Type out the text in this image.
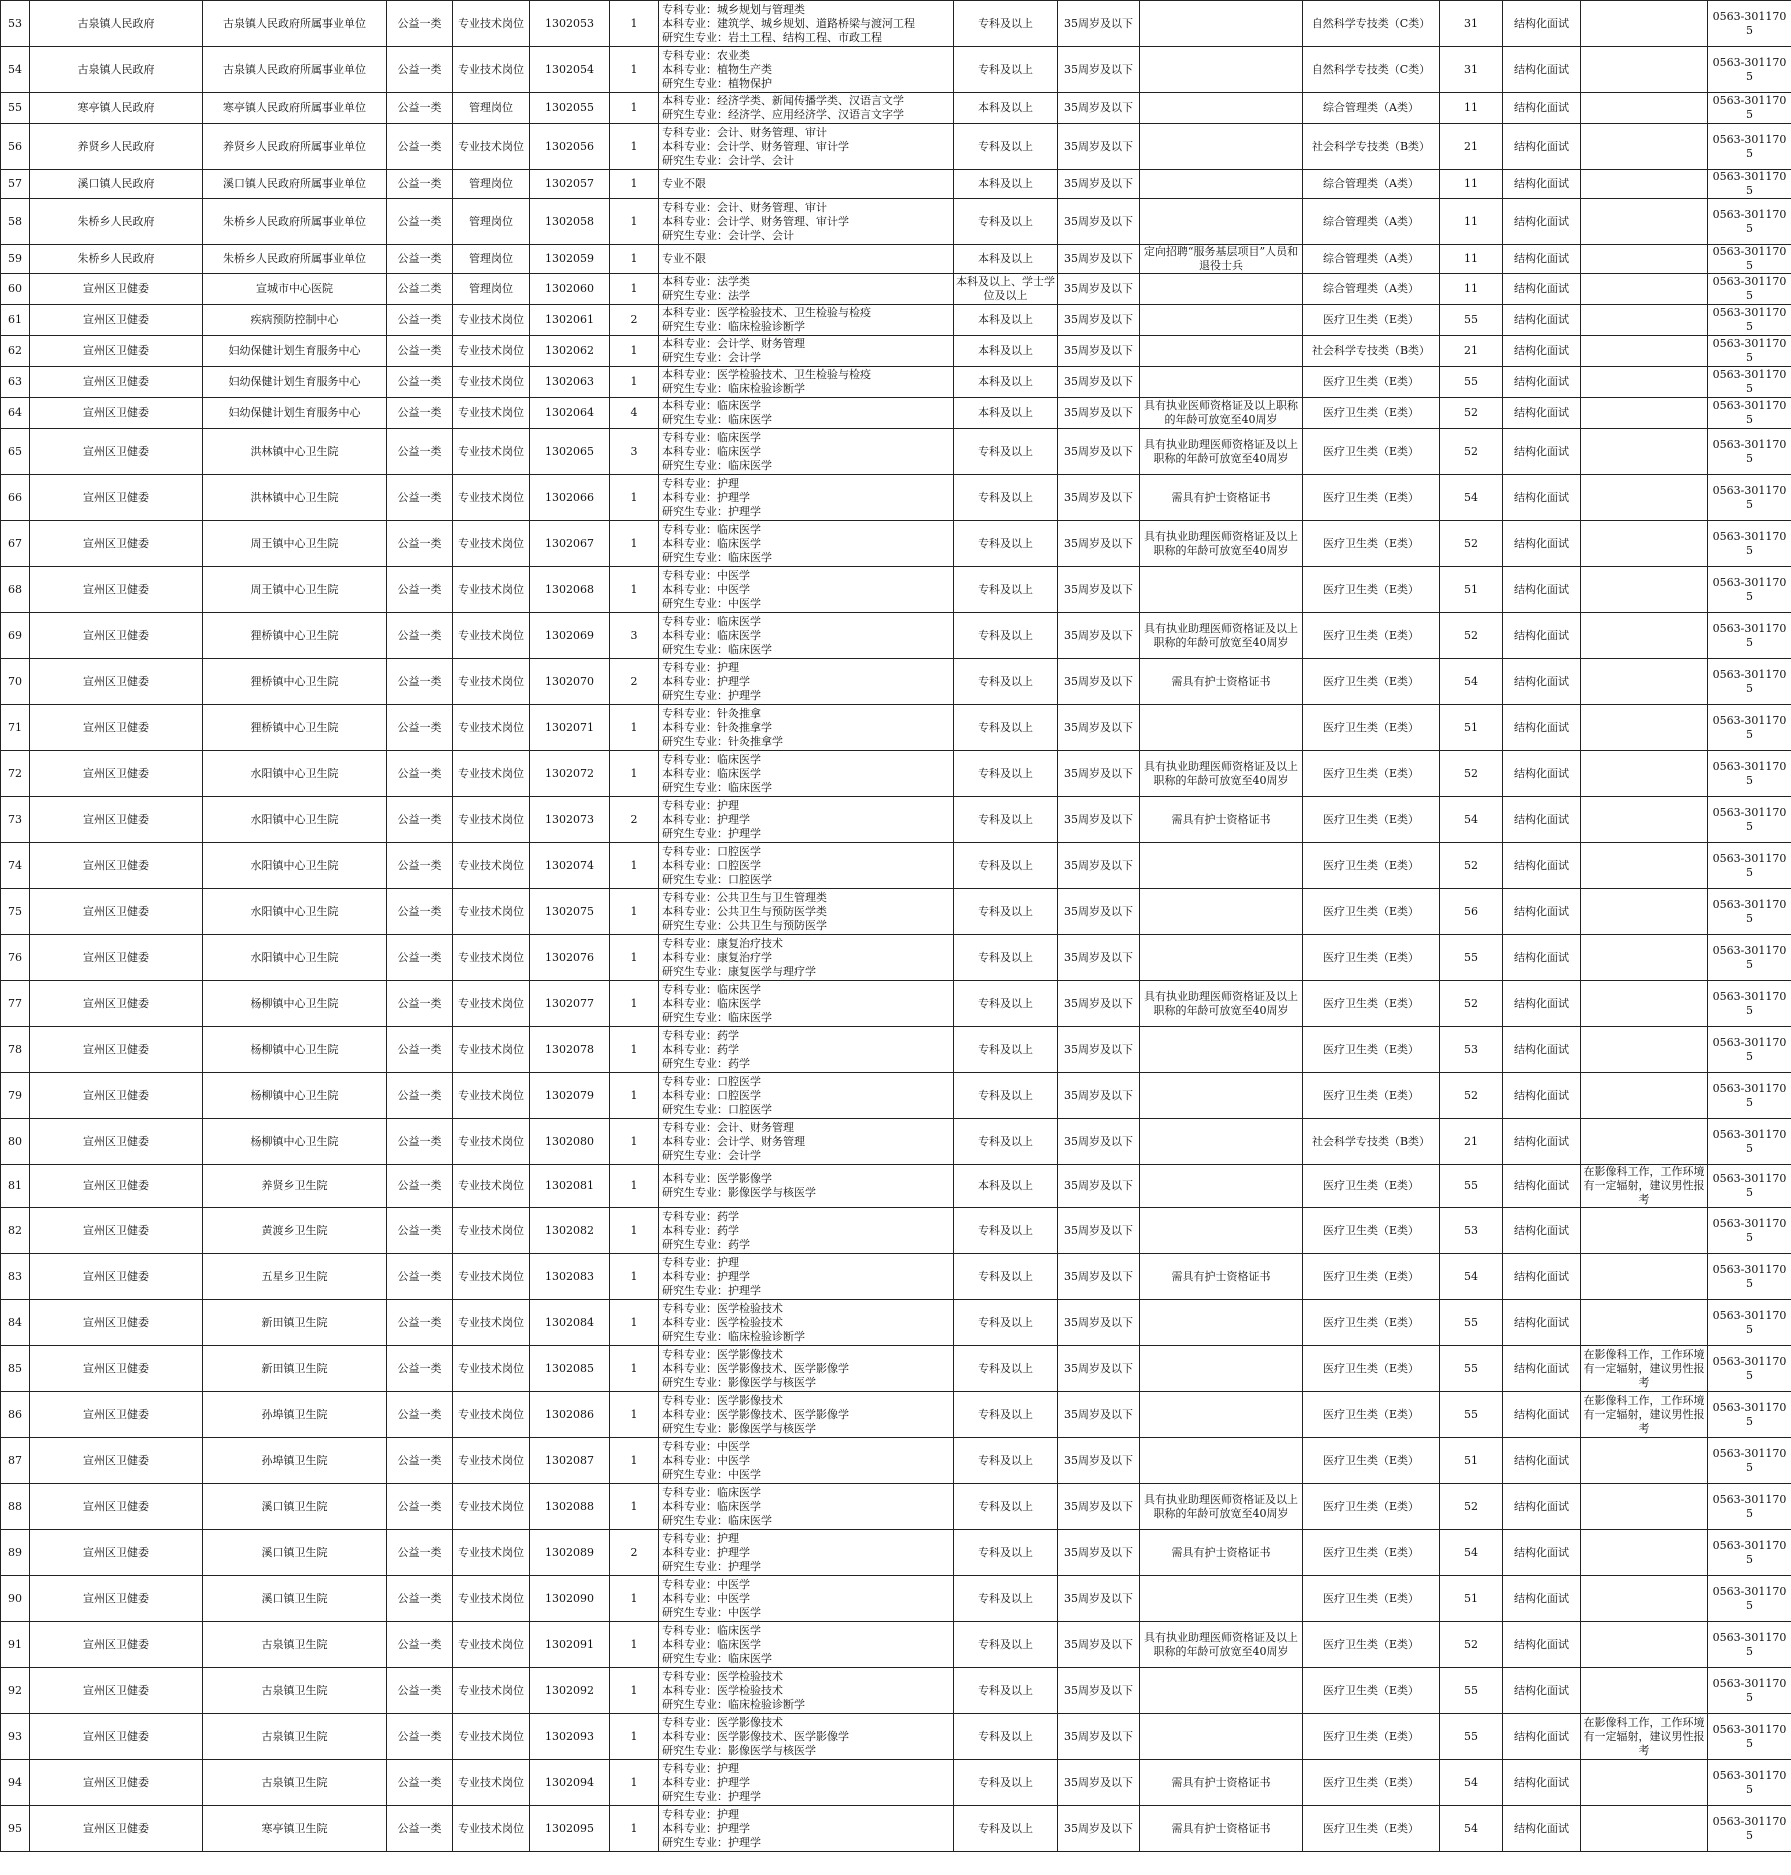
53	古泉镇人民政府	古泉镇人民政府所属事业单位	公益一类	专业技术岗位	1302053	1	专科专业：城乡规划与管理类
本科专业：建筑学、城乡规划、道路桥梁与渡河工程
研究生专业：岩土工程、结构工程、市政工程	专科及以上	35周岁及以下		自然科学专技类（C类）	31	结构化面试		0563-3011705
54	古泉镇人民政府	古泉镇人民政府所属事业单位	公益一类	专业技术岗位	1302054	1	专科专业：农业类
本科专业：植物生产类
研究生专业：植物保护	专科及以上	35周岁及以下		自然科学专技类（C类）	31	结构化面试		0563-3011705
55	寒亭镇人民政府	寒亭镇人民政府所属事业单位	公益一类	管理岗位	1302055	1	本科专业：经济学类、新闻传播学类、汉语言文学
研究生专业：经济学、应用经济学、汉语言文字学	本科及以上	35周岁及以下		综合管理类（A类）	11	结构化面试		0563-3011705
56	养贤乡人民政府	养贤乡人民政府所属事业单位	公益一类	专业技术岗位	1302056	1	专科专业：会计、财务管理、审计
本科专业：会计学、财务管理、审计学
研究生专业：会计学、会计	专科及以上	35周岁及以下		社会科学专技类（B类）	21	结构化面试		0563-3011705
57	溪口镇人民政府	溪口镇人民政府所属事业单位	公益一类	管理岗位	1302057	1	专业不限	本科及以上	35周岁及以下		综合管理类（A类）	11	结构化面试		0563-3011705
58	朱桥乡人民政府	朱桥乡人民政府所属事业单位	公益一类	管理岗位	1302058	1	专科专业：会计、财务管理、审计
本科专业：会计学、财务管理、审计学
研究生专业：会计学、会计	专科及以上	35周岁及以下		综合管理类（A类）	11	结构化面试		0563-3011705
59	朱桥乡人民政府	朱桥乡人民政府所属事业单位	公益一类	管理岗位	1302059	1	专业不限	本科及以上	35周岁及以下	定向招聘“服务基层项目”人员和退役士兵	综合管理类（A类）	11	结构化面试		0563-3011705
60	宣州区卫健委	宣城市中心医院	公益二类	管理岗位	1302060	1	本科专业：法学类
研究生专业：法学	本科及以上、学士学位及以上	35周岁及以下		综合管理类（A类）	11	结构化面试		0563-3011705
61	宣州区卫健委	疾病预防控制中心	公益一类	专业技术岗位	1302061	2	本科专业：医学检验技术、卫生检验与检疫
研究生专业：临床检验诊断学	本科及以上	35周岁及以下		医疗卫生类（E类）	55	结构化面试		0563-3011705
62	宣州区卫健委	妇幼保健计划生育服务中心	公益一类	专业技术岗位	1302062	1	本科专业：会计学、财务管理
研究生专业：会计学	本科及以上	35周岁及以下		社会科学专技类（B类）	21	结构化面试		0563-3011705
63	宣州区卫健委	妇幼保健计划生育服务中心	公益一类	专业技术岗位	1302063	1	本科专业：医学检验技术、卫生检验与检疫
研究生专业：临床检验诊断学	本科及以上	35周岁及以下		医疗卫生类（E类）	55	结构化面试		0563-3011705
64	宣州区卫健委	妇幼保健计划生育服务中心	公益一类	专业技术岗位	1302064	4	本科专业：临床医学
研究生专业：临床医学	本科及以上	35周岁及以下	具有执业医师资格证及以上职称的年龄可放宽至40周岁	医疗卫生类（E类）	52	结构化面试		0563-3011705
65	宣州区卫健委	洪林镇中心卫生院	公益一类	专业技术岗位	1302065	3	专科专业：临床医学
本科专业：临床医学
研究生专业：临床医学	专科及以上	35周岁及以下	具有执业助理医师资格证及以上职称的年龄可放宽至40周岁	医疗卫生类（E类）	52	结构化面试		0563-3011705
66	宣州区卫健委	洪林镇中心卫生院	公益一类	专业技术岗位	1302066	1	专科专业：护理
本科专业：护理学
研究生专业：护理学	专科及以上	35周岁及以下	需具有护士资格证书	医疗卫生类（E类）	54	结构化面试		0563-3011705
67	宣州区卫健委	周王镇中心卫生院	公益一类	专业技术岗位	1302067	1	专科专业：临床医学
本科专业：临床医学
研究生专业：临床医学	专科及以上	35周岁及以下	具有执业助理医师资格证及以上职称的年龄可放宽至40周岁	医疗卫生类（E类）	52	结构化面试		0563-3011705
68	宣州区卫健委	周王镇中心卫生院	公益一类	专业技术岗位	1302068	1	专科专业：中医学
本科专业：中医学
研究生专业：中医学	专科及以上	35周岁及以下		医疗卫生类（E类）	51	结构化面试		0563-3011705
69	宣州区卫健委	狸桥镇中心卫生院	公益一类	专业技术岗位	1302069	3	专科专业：临床医学
本科专业：临床医学
研究生专业：临床医学	专科及以上	35周岁及以下	具有执业助理医师资格证及以上职称的年龄可放宽至40周岁	医疗卫生类（E类）	52	结构化面试		0563-3011705
70	宣州区卫健委	狸桥镇中心卫生院	公益一类	专业技术岗位	1302070	2	专科专业：护理
本科专业：护理学
研究生专业：护理学	专科及以上	35周岁及以下	需具有护士资格证书	医疗卫生类（E类）	54	结构化面试		0563-3011705
71	宣州区卫健委	狸桥镇中心卫生院	公益一类	专业技术岗位	1302071	1	专科专业：针灸推拿
本科专业：针灸推拿学
研究生专业：针灸推拿学	专科及以上	35周岁及以下		医疗卫生类（E类）	51	结构化面试		0563-3011705
72	宣州区卫健委	水阳镇中心卫生院	公益一类	专业技术岗位	1302072	1	专科专业：临床医学
本科专业：临床医学
研究生专业：临床医学	专科及以上	35周岁及以下	具有执业助理医师资格证及以上职称的年龄可放宽至40周岁	医疗卫生类（E类）	52	结构化面试		0563-3011705
73	宣州区卫健委	水阳镇中心卫生院	公益一类	专业技术岗位	1302073	2	专科专业：护理
本科专业：护理学
研究生专业：护理学	专科及以上	35周岁及以下	需具有护士资格证书	医疗卫生类（E类）	54	结构化面试		0563-3011705
74	宣州区卫健委	水阳镇中心卫生院	公益一类	专业技术岗位	1302074	1	专科专业：口腔医学
本科专业：口腔医学
研究生专业：口腔医学	专科及以上	35周岁及以下		医疗卫生类（E类）	52	结构化面试		0563-3011705
75	宣州区卫健委	水阳镇中心卫生院	公益一类	专业技术岗位	1302075	1	专科专业：公共卫生与卫生管理类
本科专业：公共卫生与预防医学类
研究生专业：公共卫生与预防医学	专科及以上	35周岁及以下		医疗卫生类（E类）	56	结构化面试		0563-3011705
76	宣州区卫健委	水阳镇中心卫生院	公益一类	专业技术岗位	1302076	1	专科专业：康复治疗技术
本科专业：康复治疗学
研究生专业：康复医学与理疗学	专科及以上	35周岁及以下		医疗卫生类（E类）	55	结构化面试		0563-3011705
77	宣州区卫健委	杨柳镇中心卫生院	公益一类	专业技术岗位	1302077	1	专科专业：临床医学
本科专业：临床医学
研究生专业：临床医学	专科及以上	35周岁及以下	具有执业助理医师资格证及以上职称的年龄可放宽至40周岁	医疗卫生类（E类）	52	结构化面试		0563-3011705
78	宣州区卫健委	杨柳镇中心卫生院	公益一类	专业技术岗位	1302078	1	专科专业：药学
本科专业：药学
研究生专业：药学	专科及以上	35周岁及以下		医疗卫生类（E类）	53	结构化面试		0563-3011705
79	宣州区卫健委	杨柳镇中心卫生院	公益一类	专业技术岗位	1302079	1	专科专业：口腔医学
本科专业：口腔医学
研究生专业：口腔医学	专科及以上	35周岁及以下		医疗卫生类（E类）	52	结构化面试		0563-3011705
80	宣州区卫健委	杨柳镇中心卫生院	公益一类	专业技术岗位	1302080	1	专科专业：会计、财务管理
本科专业：会计学、财务管理
研究生专业：会计学	专科及以上	35周岁及以下		社会科学专技类（B类）	21	结构化面试		0563-3011705
81	宣州区卫健委	养贤乡卫生院	公益一类	专业技术岗位	1302081	1	本科专业：医学影像学
研究生专业：影像医学与核医学	本科及以上	35周岁及以下		医疗卫生类（E类）	55	结构化面试	在影像科工作，工作环境有一定辐射，建议男性报考	0563-3011705
82	宣州区卫健委	黄渡乡卫生院	公益一类	专业技术岗位	1302082	1	专科专业：药学
本科专业：药学
研究生专业：药学	专科及以上	35周岁及以下		医疗卫生类（E类）	53	结构化面试		0563-3011705
83	宣州区卫健委	五星乡卫生院	公益一类	专业技术岗位	1302083	1	专科专业：护理
本科专业：护理学
研究生专业：护理学	专科及以上	35周岁及以下	需具有护士资格证书	医疗卫生类（E类）	54	结构化面试		0563-3011705
84	宣州区卫健委	新田镇卫生院	公益一类	专业技术岗位	1302084	1	专科专业：医学检验技术
本科专业：医学检验技术
研究生专业：临床检验诊断学	专科及以上	35周岁及以下		医疗卫生类（E类）	55	结构化面试		0563-3011705
85	宣州区卫健委	新田镇卫生院	公益一类	专业技术岗位	1302085	1	专科专业：医学影像技术
本科专业：医学影像技术、医学影像学
研究生专业：影像医学与核医学	专科及以上	35周岁及以下		医疗卫生类（E类）	55	结构化面试	在影像科工作，工作环境有一定辐射，建议男性报考	0563-3011705
86	宣州区卫健委	孙埠镇卫生院	公益一类	专业技术岗位	1302086	1	专科专业：医学影像技术
本科专业：医学影像技术、医学影像学
研究生专业：影像医学与核医学	专科及以上	35周岁及以下		医疗卫生类（E类）	55	结构化面试	在影像科工作，工作环境有一定辐射，建议男性报考	0563-3011705
87	宣州区卫健委	孙埠镇卫生院	公益一类	专业技术岗位	1302087	1	专科专业：中医学
本科专业：中医学
研究生专业：中医学	专科及以上	35周岁及以下		医疗卫生类（E类）	51	结构化面试		0563-3011705
88	宣州区卫健委	溪口镇卫生院	公益一类	专业技术岗位	1302088	1	专科专业：临床医学
本科专业：临床医学
研究生专业：临床医学	专科及以上	35周岁及以下	具有执业助理医师资格证及以上职称的年龄可放宽至40周岁	医疗卫生类（E类）	52	结构化面试		0563-3011705
89	宣州区卫健委	溪口镇卫生院	公益一类	专业技术岗位	1302089	2	专科专业：护理
本科专业：护理学
研究生专业：护理学	专科及以上	35周岁及以下	需具有护士资格证书	医疗卫生类（E类）	54	结构化面试		0563-3011705
90	宣州区卫健委	溪口镇卫生院	公益一类	专业技术岗位	1302090	1	专科专业：中医学
本科专业：中医学
研究生专业：中医学	专科及以上	35周岁及以下		医疗卫生类（E类）	51	结构化面试		0563-3011705
91	宣州区卫健委	古泉镇卫生院	公益一类	专业技术岗位	1302091	1	专科专业：临床医学
本科专业：临床医学
研究生专业：临床医学	专科及以上	35周岁及以下	具有执业助理医师资格证及以上职称的年龄可放宽至40周岁	医疗卫生类（E类）	52	结构化面试		0563-3011705
92	宣州区卫健委	古泉镇卫生院	公益一类	专业技术岗位	1302092	1	专科专业：医学检验技术
本科专业：医学检验技术
研究生专业：临床检验诊断学	专科及以上	35周岁及以下		医疗卫生类（E类）	55	结构化面试		0563-3011705
93	宣州区卫健委	古泉镇卫生院	公益一类	专业技术岗位	1302093	1	专科专业：医学影像技术
本科专业：医学影像技术、医学影像学
研究生专业：影像医学与核医学	专科及以上	35周岁及以下		医疗卫生类（E类）	55	结构化面试	在影像科工作，工作环境有一定辐射，建议男性报考	0563-3011705
94	宣州区卫健委	古泉镇卫生院	公益一类	专业技术岗位	1302094	1	专科专业：护理
本科专业：护理学
研究生专业：护理学	专科及以上	35周岁及以下	需具有护士资格证书	医疗卫生类（E类）	54	结构化面试		0563-3011705
95	宣州区卫健委	寒亭镇卫生院	公益一类	专业技术岗位	1302095	1	专科专业：护理
本科专业：护理学
研究生专业：护理学	专科及以上	35周岁及以下	需具有护士资格证书	医疗卫生类（E类）	54	结构化面试		0563-3011705
